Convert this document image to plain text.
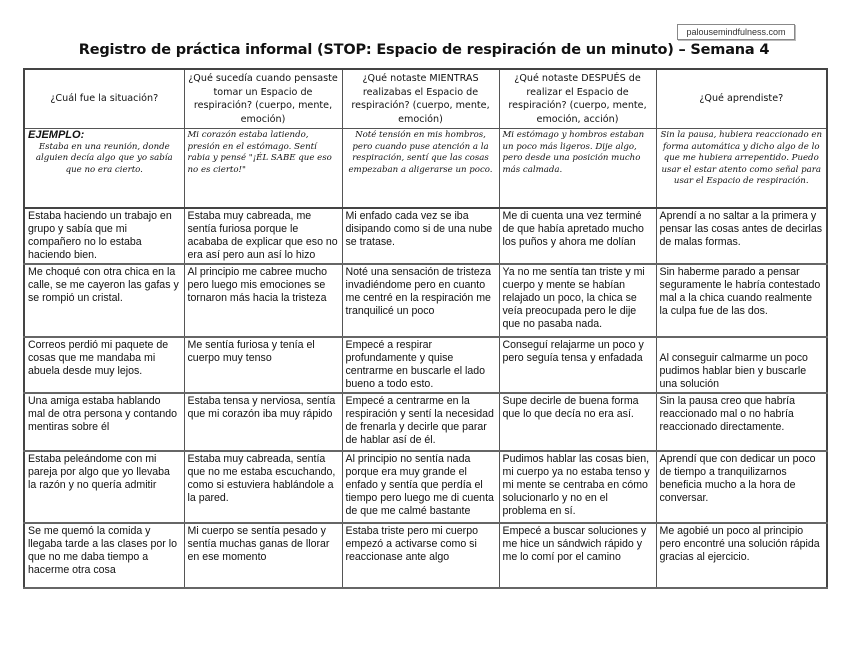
palousemindfulness.com
Registro de práctica informal (STOP: Espacio de respiración de un minuto) – Semana 4
¿Cuál fue la situación?	¿Qué sucedía cuando pensaste tomar un Espacio de respiración? (cuerpo, mente, emoción)	¿Qué notaste MIENTRAS realizabas el Espacio de respiración? (cuerpo, mente, emoción)	¿Qué notaste DESPUÉS de realizar el Espacio de respiración? (cuerpo, mente, emoción, acción)	¿Qué aprendiste?

EJEMPLO:
Estaba en una reunión, donde alguien decía algo que yo sabía que no era cierto.	Mi corazón estaba latiendo, presión en el estómago. Sentí rabia y pensé "¡ÉL SABE que eso no es cierto!"	Noté tensión en mis hombros, pero cuando puse atención a la respiración, sentí que las cosas empezaban a aligerarse un poco.	Mi estómago y hombros estaban un poco más ligeros. Dije algo, pero desde una posición mucho más calmada.	Sin la pausa, hubiera reaccionado en forma automática y dicho algo de lo que me hubiera arrepentido. Puedo usar el estar atento como señal para usar el Espacio de respiración.
Estaba haciendo un trabajo en grupo y sabía que mi compañero no lo estaba haciendo bien.	Estaba muy cabreada, me sentía furiosa porque le acababa de explicar que eso no era así pero aun así lo hizo	Mi enfado cada vez se iba disipando como si de una nube se tratase.	Me di cuenta una vez terminé de que había apretado mucho los puños y ahora me dolían	Aprendí a no saltar a la primera y pensar las cosas antes de decirlas de malas formas.
Me choqué con otra chica en la calle, se me cayeron las gafas y se rompió un cristal.	Al principio me cabree mucho pero luego mis emociones se tornaron más hacia la tristeza	Noté una sensación de tristeza invadiéndome pero en cuanto me centré en la respiración me tranquilicé un poco	Ya no me sentía tan triste y mi cuerpo y mente se habían relajado un poco, la chica se veía preocupada pero le dije que no pasaba nada.	Sin haberme parado a pensar seguramente le habría contestado mal a la chica cuando realmente la culpa fue de las dos.
Correos perdió mi paquete de cosas que me mandaba mi abuela desde muy lejos.	Me sentía furiosa y tenía el cuerpo muy tenso	Empecé a respirar profundamente y quise centrarme en buscarle el lado bueno a todo esto.	Conseguí relajarme un poco y pero seguía tensa y enfadada	Al conseguir calmarme un poco pudimos hablar bien y buscarle una solución
Una amiga estaba hablando mal de otra persona y contando mentiras sobre él	Estaba tensa y nerviosa, sentía que mi corazón iba muy rápido	Empecé a centrarme en la respiración y sentí la necesidad de frenarla y decirle que parar de hablar así de él.	Supe decirle de buena forma que lo que decía no era así.	Sin la pausa creo que habría reaccionado mal o no habría reaccionado directamente.
Estaba peleándome con mi pareja por algo que yo llevaba la razón y no quería admitir	Estaba muy cabreada, sentía que no me estaba escuchando, como si estuviera hablándole a la pared.	Al principio no sentía nada porque era muy grande el enfado y sentía que perdía el tiempo pero luego me di cuenta de que me calmé bastante	Pudimos hablar las cosas bien, mi cuerpo ya no estaba tenso y mi mente se centraba en cómo solucionarlo y no en el problema en sí.	Aprendí que con dedicar un poco de tiempo a tranquilizarnos beneficia mucho a la hora de conversar.
Se me quemó la comida y llegaba tarde a las clases por lo que no me daba tiempo a hacerme otra cosa	Mi cuerpo se sentía pesado y sentía muchas ganas de llorar en ese momento	Estaba triste pero mi cuerpo empezó a activarse como si reaccionase ante algo	Empecé a buscar soluciones y me hice un sándwich rápido y me lo comí por el camino	Me agobié un poco al principio pero encontré una solución rápida gracias al ejercicio.
